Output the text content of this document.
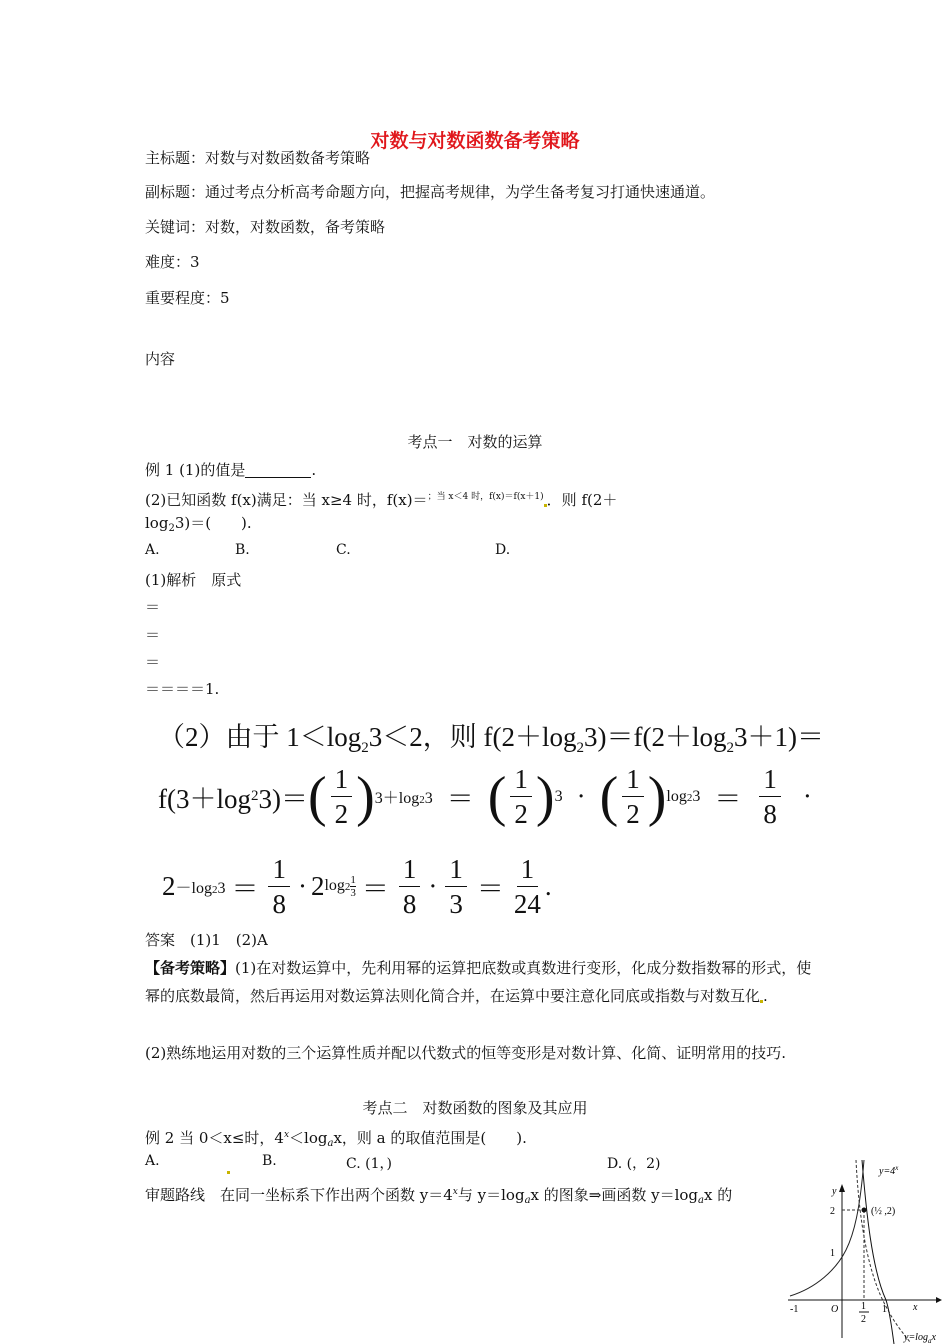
对数与对数函数备考策略
主标题：对数与对数函数备考策略
副标题：通过考点分析高考命题方向，把握高考规律，为学生备考复习打通快速通道。
关键词：对数，对数函数，备考策略
难度：3
重要程度：5
内容
考点一　对数的运算
例 1 (1)的值是	.
(2)已知函数 f(x)满足：当 x≥4 时，f(x)＝$^{;当 x<4 时,f(x)=f(x+1)}$ ．则 f(2＋
$\log_23)=$(　　).
A.	B.	C.	D.
(1)解析　原式
＝
＝
＝
＝＝＝＝1.
（2）由于 $1<\log_23<2$，则 $f(2+\log_23)=f(2+\log_23+1)=$
f(3＋log 2 3)＝ ( $\frac{1}{2}$ ) 3＋log23 ＝ ( $\frac{1}{2}$ ) 3 · ( $\frac{1}{2}$ ) $\log 23 = \frac{1}{8}$ ·
$2 -\log 23 = \frac{1}{8} \cdot 2$ $\log 2 \frac{1}{3} = \frac{1}{8} \cdot \frac{1}{3} = \frac{1}{24}$ .
答案　(1)1　(2)A
【备考策略】(1)在对数运算中，先利用幂的运算把底数或真数进行变形，化成分数指数幂的形式，使幂的底数最简，然后再运用对数运算法则化简合并，在运算中要注意化同底或指数与对数互化 .
(2)熟练地运用对数的三个运算性质并配以代数式的恒等变形是对数计算、化简、证明常用的技巧.
考点二　对数函数的图象及其应用
例 2 当 0＜x≤时，$4^x<\log_ax$，则 a 的取值范围是(　　).
A.	B.	C. (1，)	D. (，2)
审题路线　在同一坐标系下作出两个函数 $y=4^x$与 $y=\log_ax$ 的图象⇒画函数 $y=\log_ax$ 的
$y=4^x$
y
2
1
-1	O 1
2
1	x
(½ ,2)
$y=\log_ax$
